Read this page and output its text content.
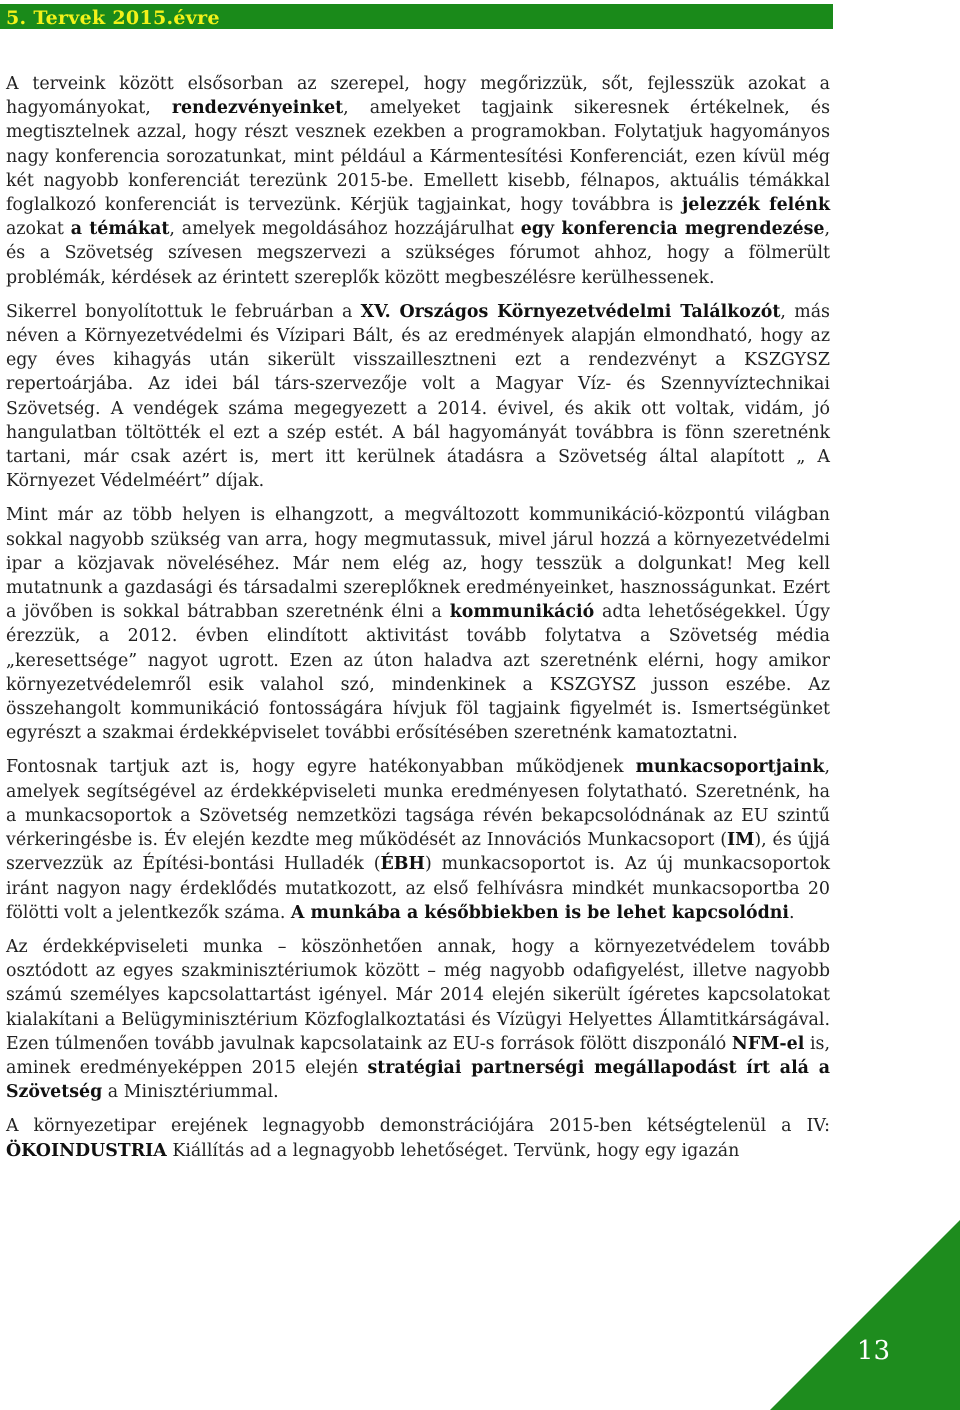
5. Tervek 2015.évre

A terveink között elsősorban az szerepel, hogy megőrizzük, sőt, fejlesszük azokat a hagyományokat, rendezvényeinket, amelyeket tagjaink sikeresnek értékelnek, és megtisztelnek azzal, hogy részt vesznek ezekben a programokban. Folytatjuk hagyományos nagy konferencia sorozatunkat, mint például a Kármentesítési Konferenciát, ezen kívül még két nagyobb konferenciát terezünk 2015-be. Emellett kisebb, félnapos, aktuális témákkal foglalkozó konferenciát is tervezünk. Kérjük tagjainkat, hogy továbbra is jelezzék felénk azokat a témákat, amelyek megoldásához hozzájárulhat egy konferencia megrendezése, és a Szövetség szívesen megszervezi a szükséges fórumot ahhoz, hogy a fölmerült problémák, kérdések az érintett szereplők között megbeszélésre kerülhessenek.

Sikerrel bonyolítottuk le februárban a XV. Országos Környezetvédelmi Találkozót, más néven a Környezetvédelmi és Vízipari Bált, és az eredmények alapján elmondható, hogy az egy éves kihagyás után sikerült visszaillesztneni ezt a rendezvényt a KSZGYSZ repertoárjába. Az idei bál társ-szervezője volt a Magyar Víz- és Szennyvíztechnikai Szövetség. A vendégek száma megegyezett a 2014. évivel, és akik ott voltak, vidám, jó hangulatban töltötték el ezt a szép estét. A bál hagyományát továbbra is fönn szeretnénk tartani, már csak azért is, mert itt kerülnek átadásra a Szövetség által alapított „ A Környezet Védelméért” díjak.

Mint már az több helyen is elhangzott, a megváltozott kommunikáció-központú világban sokkal nagyobb szükség van arra, hogy megmutassuk, mivel járul hozzá a környezetvédelmi ipar a közjavak növeléséhez. Már nem elég az, hogy tesszük a dolgunkat! Meg kell mutatnunk a gazdasági és társadalmi szereplőknek eredményeinket, hasznosságunkat. Ezért a jövőben is sokkal bátrabban szeretnénk élni a kommunikáció adta lehetőségekkel. Úgy érezzük, a 2012. évben elindított aktivitást tovább folytatva a Szövetség média „keresettsége” nagyot ugrott. Ezen az úton haladva azt szeretnénk elérni, hogy amikor környezetvédelemről esik valahol szó, mindenkinek a KSZGYSZ jusson eszébe. Az összehangolt kommunikáció fontosságára hívjuk föl tagjaink figyelmét is. Ismertségünket egyrészt a szakmai érdekképviselet további erősítésében szeretnénk kamatoztatni.

Fontosnak tartjuk azt is, hogy egyre hatékonyabban működjenek munkacsoportjaink, amelyek segítségével az érdekképviseleti munka eredményesen folytatható. Szeretnénk, ha a munkacsoportok a Szövetség nemzetközi tagsága révén bekapcsolódnának az EU szintű vérkeringésbe is. Év elején kezdte meg működését az Innovációs Munkacsoport (IM), és újjá szervezzük az Építési-bontási Hulladék (ÉBH) munkacsoportot is. Az új munkacsoportok iránt nagyon nagy érdeklődés mutatkozott, az első felhívásra mindkét munkacsoportba 20 fölötti volt a jelentkezők száma. A munkába a későbbiekben is be lehet kapcsolódni.

Az érdekképviseleti munka – köszönhetően annak, hogy a környezetvédelem tovább osztódott az egyes szakminisztériumok között – még nagyobb odafigyelést, illetve nagyobb számú személyes kapcsolattartást igényel. Már 2014 elején sikerült ígéretes kapcsolatokat kialakítani a Belügyminisztérium Közfoglalkoztatási és Vízügyi Helyettes Államtitkárságával. Ezen túlmenően tovább javulnak kapcsolataink az EU-s források fölött diszponáló NFM-el is, aminek eredményeképpen 2015 elején stratégiai partnerségi megállapodást írt alá a Szövetség a Minisztériummal.

A környezetipar erejének legnagyobb demonstrációjára 2015-ben kétségtelenül a IV: ÖKOINDUSTRIA Kiállítás ad a legnagyobb lehetőséget. Tervünk, hogy egy igazán

13
